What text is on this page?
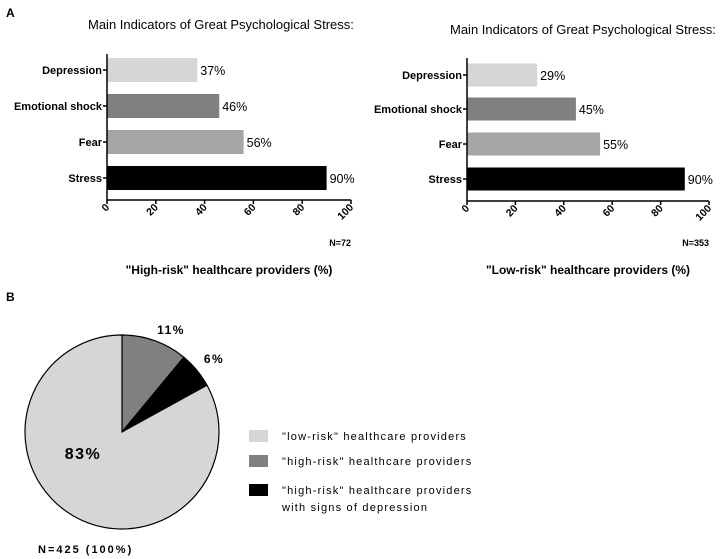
A
Main Indicators of Great Psychological Stress:
Depression	37%
Emotional shock	46%
Fear	56%
Stress	90%
0	20	40	60	80	100
N=72
"High-risk" healthcare providers (%)
Main Indicators of Great Psychological Stress:
Depression	29%
Emotional shock	45%
Fear	55%
Stress	90%
0	20	40	60	80	100
N=353
"Low-risk" healthcare providers (%)
B
11%
6%
83%
"low-risk" healthcare providers
"high-risk" healthcare providers
"high-risk" healthcare providers
with signs of depression
N=425 (100%)
